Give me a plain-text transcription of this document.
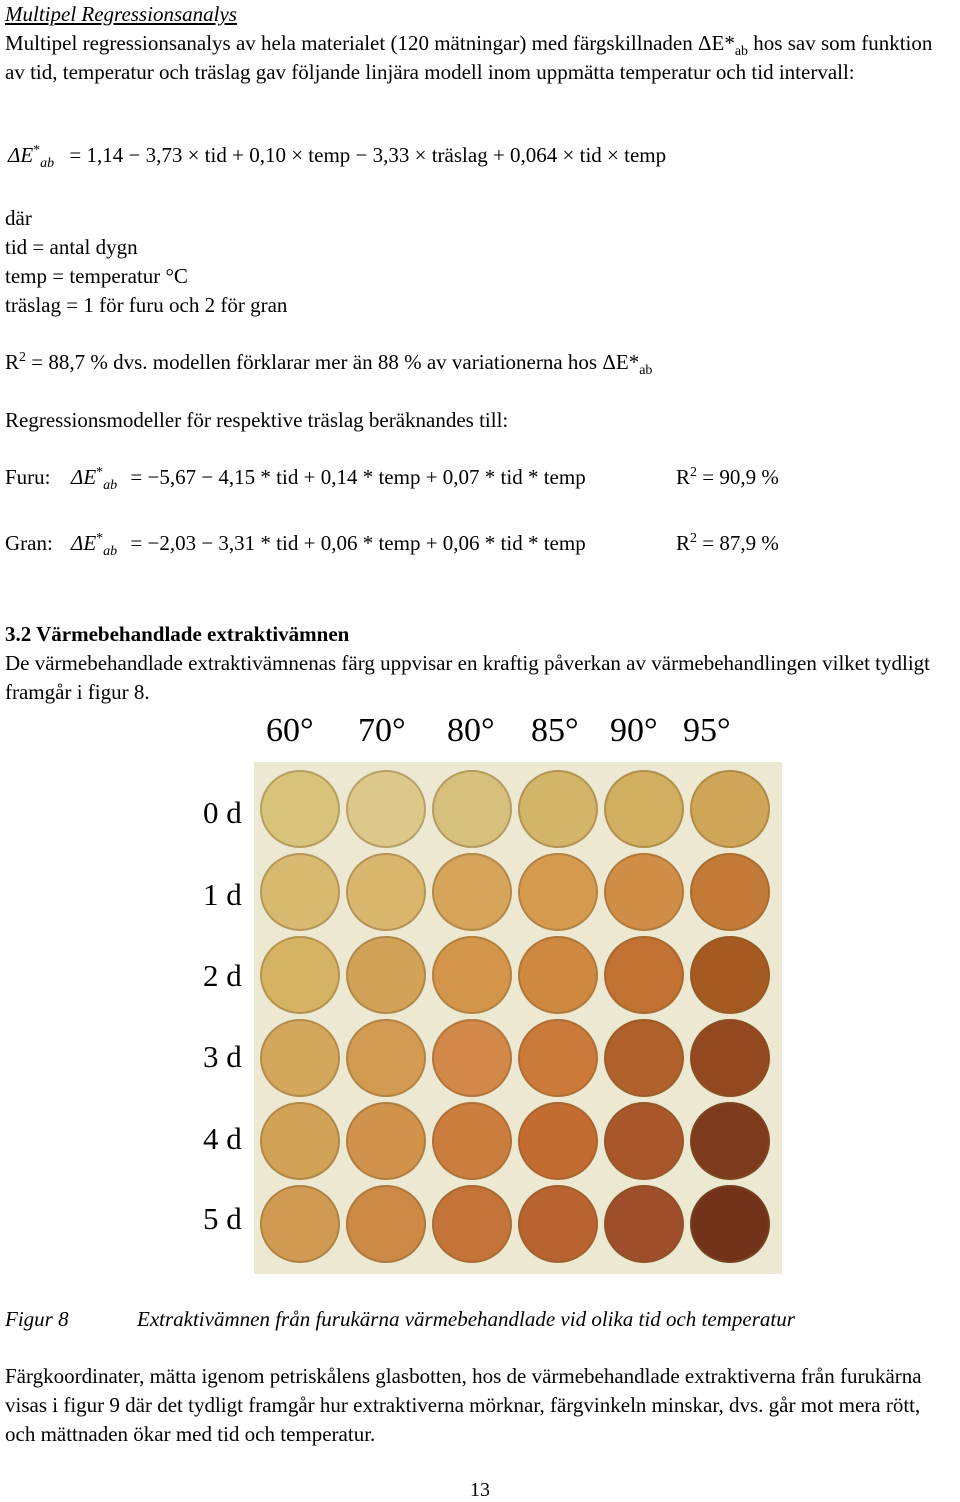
Multipel Regressionsanalys
Multipel regressionsanalys av hela materialet (120 mätningar) med färgskillnaden $\Delta E*_{ab}$ hos sav som funktion av tid, temperatur och träslag gav följande linjära modell inom uppmätta temperatur och tid intervall:
$\Delta E^*_{ab} = 1,14 - 3,73$ × tid + 0,10 × temp − 3,33 × träslag + 0,064 × tid × temp
där
tid = antal dygn
temp = temperatur °C
träslag = 1 för furu och 2 för gran
$R^2 = 88,7$ % dvs. modellen förklarar mer än 88 % av variationerna hos $\Delta E*_{ab}$
Regressionsmodeller för respektive träslag beräknandes till:
Furu: $\Delta E^*_{ab} = -5,67 - 4,15$ * tid + 0,14 * temp + 0,07 * tid * temp	$R^2 = 90,9$ %
Gran: $\Delta E^*_{ab} = -2,03 - 3,31$ * tid + 0,06 * temp + 0,06 * tid * temp	$R^2 = 87,9$ %
3.2 Värmebehandlade extraktivämnen
De värmebehandlade extraktivämnenas färg uppvisar en kraftig påverkan av värmebehandlingen vilket tydligt framgår i figur 8.
60° 70° 80° 85° 90° 95°
0 d
1 d
2 d
3 d
4 d
5 d
Figur 8	Extraktivämnen från furukärna värmebehandlade vid olika tid och temperatur
Färgkoordinater, mätta igenom petriskålens glasbotten, hos de värmebehandlade extraktiverna från furukärna visas i figur 9 där det tydligt framgår hur extraktiverna mörknar, färgvinkeln minskar, dvs. går mot mera rött, och mättnaden ökar med tid och temperatur.
13
